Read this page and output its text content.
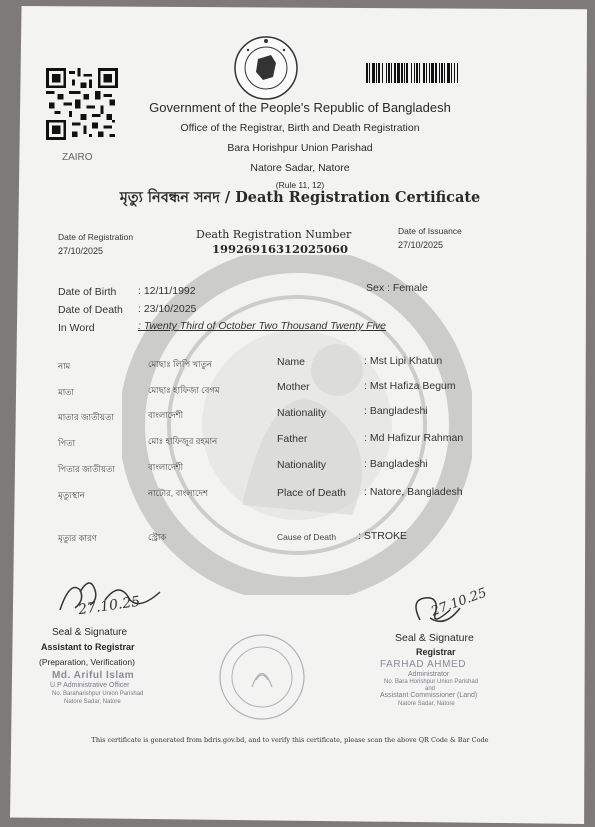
ZAIRO
Government of the People's Republic of Bangladesh
Office of the Registrar, Birth and Death Registration
Bara Horishpur Union Parishad
Natore Sadar, Natore
(Rule 11, 12)
মৃত্যু নিবন্ধন সনদ / Death Registration Certificate
Date of Registration
27/10/2025
Death Registration Number
19926916312025060
Date of Issuance
27/10/2025
Date of Birth : 12/11/1992
Date of Death : 23/10/2025
In Word	: Twenty Third of October Two Thousand Twenty Five
Sex : Female
নাম	মোছাঃ লিপি খাতুন	Name	: Mst Lipi Khatun
মাতা	মোছাঃ হাফিজা বেগম	Mother	: Mst Hafiza Begum
মাতার জাতীয়তা	বাংলাদেশী	Nationality	: Bangladeshi
পিতা	মোঃ হাফিজুর রহমান	Father	: Md Hafizur Rahman
পিতার জাতীয়তা	বাংলাদেশী	Nationality	: Bangladeshi
মৃত্যুস্থান	নাটোর, বাংলাদেশ	Place of Death : Natore, Bangladesh
মৃত্যুর কারণ	স্ট্রোক	Cause of Death : STROKE
27.10.25
Seal & Signature
Assistant to Registrar
(Preparation, Verification)
Md. Ariful Islam
U.P Administrative Officer
No. Baraharishpur Union Parishad
Natore Sadar, Natore
27.10.25
Seal & Signature
Registrar
FARHAD AHMED
Administrator
No. Bara Horishpur Union Parishad
and
Assistant Commissioner (Land)
Natore Sadar, Natore
This certificate is generated from bdris.gov.bd, and to verify this certificate, please scan the above QR Code & Bar Code
